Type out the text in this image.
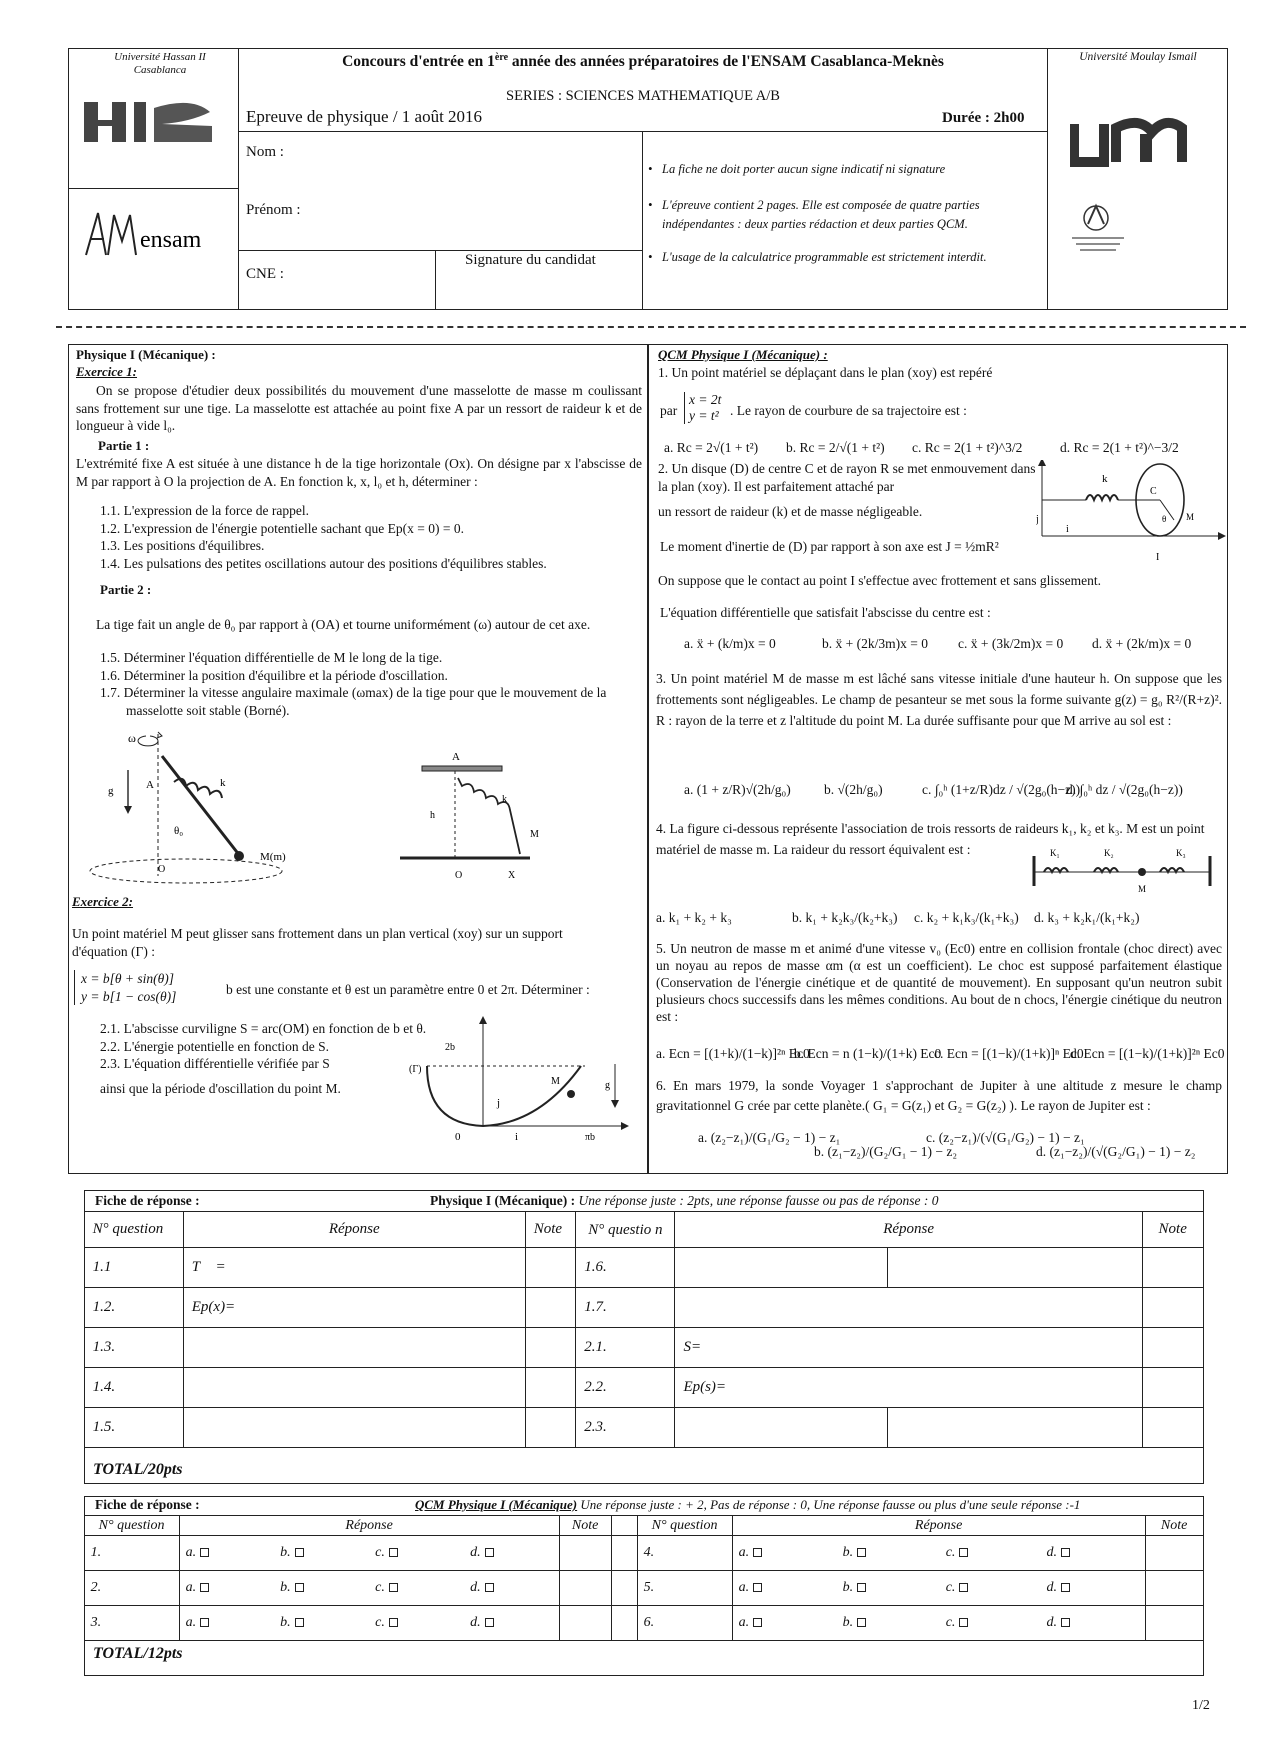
Université Hassan II Casablanca
ensam
Concours d'entrée en 1ère année des années préparatoires de l'ENSAM Casablanca-Meknès
SERIES : SCIENCES MATHEMATIQUE A/B
Epreuve de physique / 1 août 2016	Durée : 2h00
Université Moulay Ismail
UMI
Nom :
Prénom :
CNE :
Signature du candidat
• La fiche ne doit porter aucun signe indicatif ni signature
• L'épreuve contient 2 pages. Elle est composée de quatre parties indépendantes : deux parties rédaction et deux parties QCM.
• L'usage de la calculatrice programmable est strictement interdit.
Physique I (Mécanique) :
Exercice 1:
On se propose d'étudier deux possibilités du mouvement d'une masselotte de masse m coulissant sans frottement sur une tige. La masselotte est attachée au point fixe A par un ressort de raideur k et de longueur à vide l₀.
Partie 1 :
L'extrémité fixe A est située à une distance h de la tige horizontale (Ox). On désigne par x l'abscisse de M par rapport à O la projection de A. En fonction k, x, l₀ et h, déterminer :
1.1. L'expression de la force de rappel.
1.2. L'expression de l'énergie potentielle sachant que Ep(x = 0) = 0.
1.3. Les positions d'équilibres.
1.4. Les pulsations des petites oscillations autour des positions d'équilibres stables.
Partie 2 :
La tige fait un angle de θ₀ par rapport à (OA) et tourne uniformément (ω) autour de cet axe.
1.5. Déterminer l'équation différentielle de M le long de la tige.
1.6. Déterminer la position d'équilibre et la période d'oscillation.
1.7. Déterminer la vitesse angulaire maximale (ωmax) de la tige pour que le mouvement de la masselotte soit stable (Borné).
ω
g	A	k
θ₀
M(m)
O
A
h
k
M
O	X
Exercice 2:
Un point matériel M peut glisser sans frottement dans un plan vertical (xoy) sur un support d'équation (Γ) :
x = b[θ + sin(θ)]
y = b[1 − cos(θ)]	b est une constante et θ est un paramètre entre 0 et 2π. Déterminer :
2.1. L'abscisse curviligne S = arc(OM) en fonction de b et θ.
2.2. L'énergie potentielle en fonction de S.
2.3. L'équation différentielle vérifiée par S
ainsi que la période d'oscillation du point M.
2b
(Γ)
M	g
j
0	i	πb
QCM Physique I (Mécanique) :
1. Un point matériel se déplaçant dans le plan (xoy) est repéré
par
x = 2t
y = t² . Le rayon de courbure de sa trajectoire est :
a. Rc = 2√(1 + t²) b. Rc = 2/√(1 + t²) c. Rc = 2(1 + t²)^3/2	d. Rc = 2(1 + t²)^−3/2
2. Un disque (D) de centre C et de rayon R se met enmouvement dans la plan (xoy). Il est parfaitement attaché par
un ressort de raideur (k) et de masse négligeable.
Le moment d'inertie de (D) par rapport à son axe est J = ½mR²
k
C
θ M
j
i
I
On suppose que le contact au point I s'effectue avec frottement et sans glissement.
L'équation différentielle que satisfait l'abscisse du centre est :
a. ẍ + (k/m)x = 0	b. ẍ + (2k/3m)x = 0 c. ẍ + (3k/2m)x = 0 d. ẍ + (2k/m)x = 0
3. Un point matériel M de masse m est lâché sans vitesse initiale d'une hauteur h. On suppose que les frottements sont négligeables. Le champ de pesanteur se met sous la forme suivante g(z) = g₀ R²/(R+z)². R : rayon de la terre et z l'altitude du point M. La durée suffisante pour que M arrive au sol est :
a. (1 + z/R)√(2h/g₀) b. √(2h/g₀)	c. ∫₀ʰ (1+z/R)dz / √(2g₀(h−z))
d. ∫₀ʰ dz / √(2g₀(h−z))
4. La figure ci-dessous représente l'association de trois ressorts de raideurs k₁, k₂ et k₃. M est un point matériel de masse m. La raideur du ressort équivalent est :	K₁	K₂	K₃
M
a. k₁ + k₂ + k₃	b. k₁ + k₂k₃/(k₂+k₃) c. k₂ + k₁k₃/(k₁+k₃) d. k₃ + k₂k₁/(k₁+k₂)
5. Un neutron de masse m et animé d'une vitesse v₀ (Ec0) entre en collision frontale (choc direct) avec un noyau au repos de masse αm (α est un coefficient). Le choc est supposé parfaitement élastique (Conservation de l'énergie cinétique et de quantité de mouvement). En supposant qu'un neutron subit plusieurs chocs successifs dans les mêmes conditions. Au bout de n chocs, l'énergie cinétique du neutron est :
a. Ecn = [(1+k)/(1−k)]²ⁿ Ec0
b. Ecn = n (1−k)/(1+k) Ec0
c. Ecn = [(1−k)/(1+k)]ⁿ Ec0
d. Ecn = [(1−k)/(1+k)]²ⁿ Ec0
6. En mars 1979, la sonde Voyager 1 s'approchant de Jupiter à une altitude z mesure le champ gravitationnel G crée par cette planète.( G₁ = G(z₁) et G₂ = G(z₂) ). Le rayon de Jupiter est :
a. (z₂−z₁)/(G₁/G₂ − 1) − z₁
b. (z₁−z₂)/(G₂/G₁ − 1) − z₂
c. (z₂−z₁)/(√(G₁/G₂) − 1) − z₁
d. (z₁−z₂)/(√(G₂/G₁) − 1) − z₂
Fiche de réponse :	Physique I (Mécanique) : Une réponse juste : 2pts, une réponse fausse ou pas de réponse : 0
N° question	Réponse	Note	N° questio n	Réponse		Note
1.1	T⃗ =		1.6.			
1.2.	Ep(x)=		1.7.			
1.3.			2.1.	S=		
1.4.			2.2.	Ep(s)=		
1.5.			2.3.			
TOTAL/20pts
Fiche de réponse :	QCM Physique I (Mécanique) Une réponse juste : + 2, Pas de réponse : 0, Une réponse fausse ou plus d'une seule réponse :-1
N° question	Réponse				Note		N° question	Réponse				Note
1.	a.	b.	c.	d.			4.	a.	b.	c.	d.	
2.	a.	b.	c.	d.			5.	a.	b.	c.	d.	
3.	a.	b.	c.	d.			6.	a.	b.	c.	d.	
TOTAL/12pts
1/2
